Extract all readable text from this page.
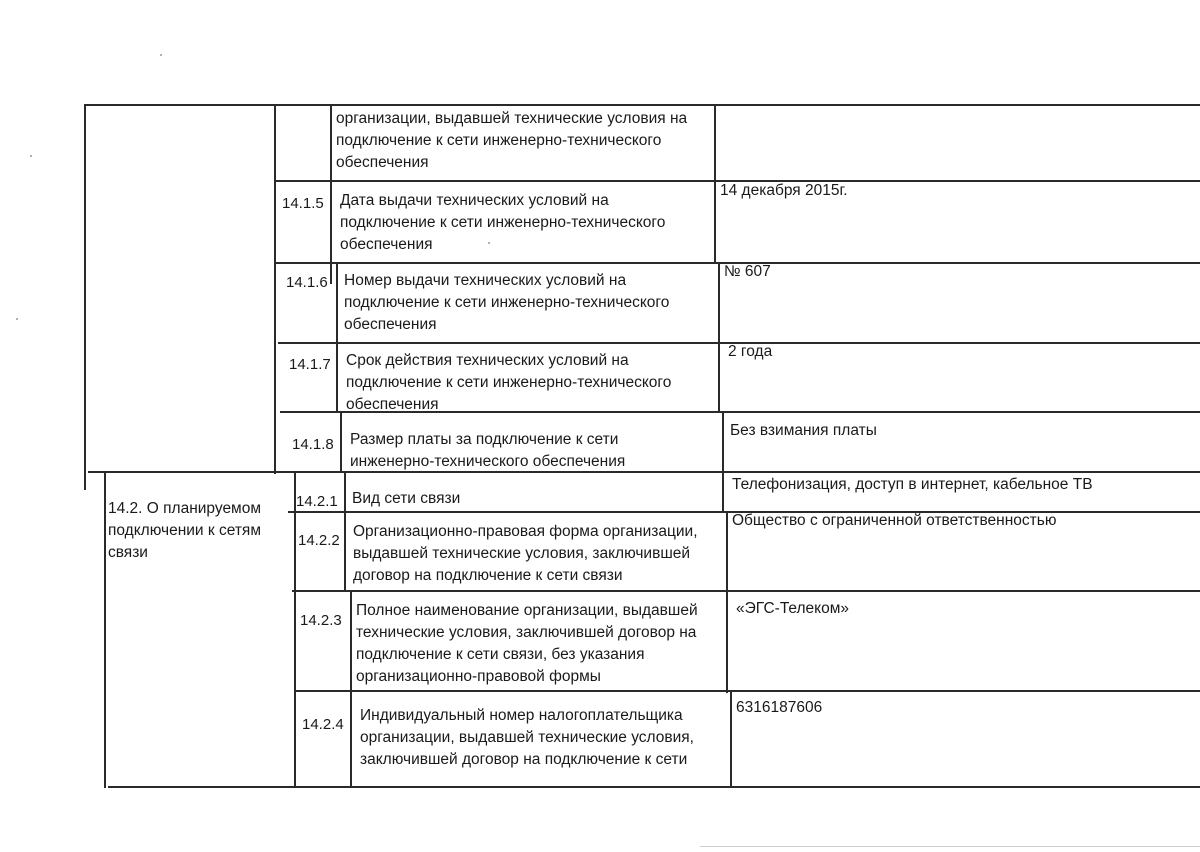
организации, выдавшей технические условия на
подключение к сети инженерно-технического
обеспечения
14.1.5 Дата выдачи технических условий на
подключение к сети инженерно-технического
обеспечения
14 декабря 2015г.
14.1.6 Номер выдачи технических условий на
подключение к сети инженерно-технического
обеспечения
№ 607
14.1.7 Срок действия технических условий на
подключение к сети инженерно-технического
обеспечения
2 года
14.1.8 Размер платы за подключение к сети
инженерно-технического обеспечения
Без взимания платы
14.2. О планируемом
подключении к сетям
связи
14.2.1 Вид сети связи
Телефонизация, доступ в интернет, кабельное ТВ
14.2.2
Организационно-правовая форма организации,
выдавшей технические условия, заключившей
договор на подключение к сети связи
Общество с ограниченной ответственностью
14.2.3
Полное наименование организации, выдавшей
технические условия, заключившей договор на
подключение к сети связи, без указания
организационно-правовой формы
«ЭГС-Телеком»
14.2.4
Индивидуальный номер налогоплательщика
организации, выдавшей технические условия,
заключившей договор на подключение к сети
6316187606
